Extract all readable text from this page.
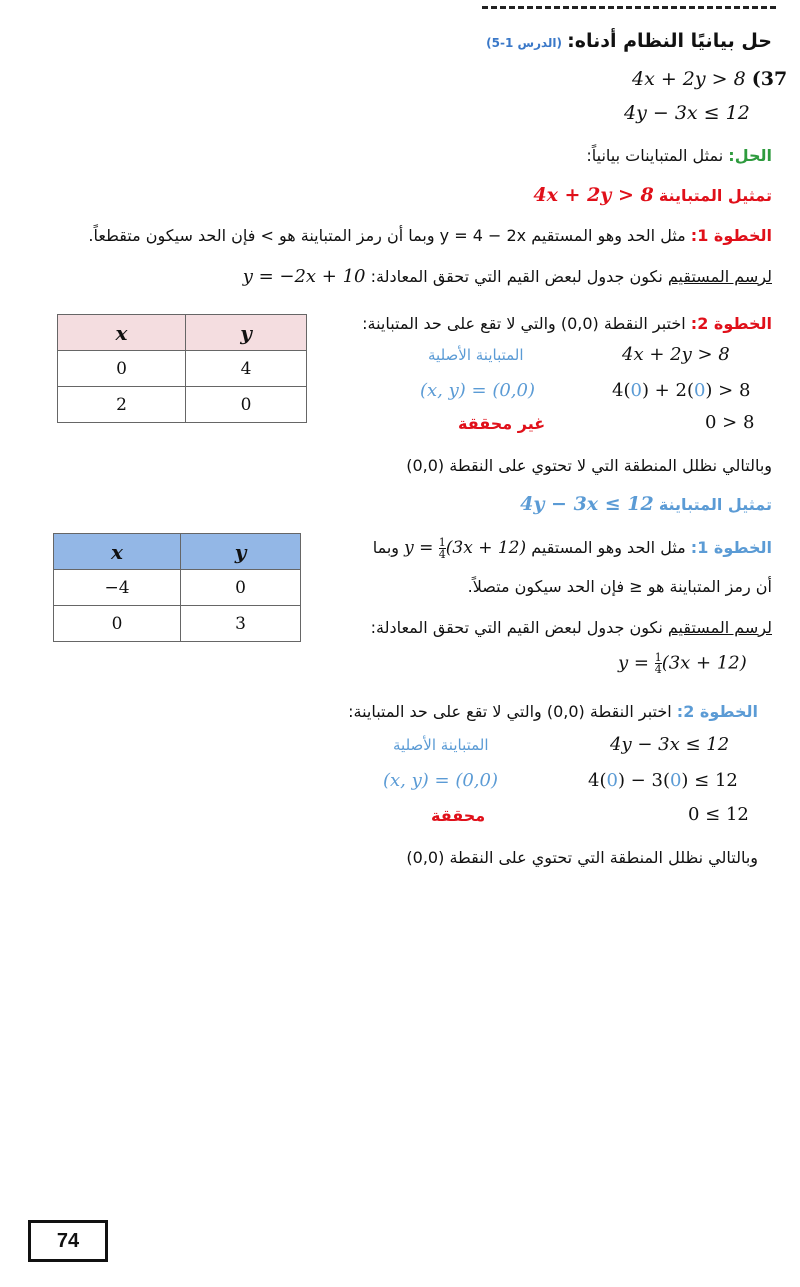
حل بيانيًا النظام أدناه: (الدرس 1-5)
4x + 2y > 8 (37
4y − 3x ≤ 12
الحل: نمثل المتباينات بيانياً:
تمثيل المتباينة 4x + 2y > 8
الخطوة 1: مثل الحد وهو المستقيم y = 4 − 2x وبما أن رمز المتباينة هو > فإن الحد سيكون متقطعاً.
لرسم المستقيم نكون جدول لبعض القيم التي تحقق المعادلة: y = −2x + 10
x	y
0	4
2	0
الخطوة 2: اختبر النقطة (0,0) والتي لا تقع على حد المتباينة:
4x + 2y > 8
المتباينة الأصلية
4(0) + 2(0) > 8
(x, y) = (0,0)
0 > 8
غير محققة
وبالتالي نظلل المنطقة التي لا تحتوي على النقطة (0,0)
تمثيل المتباينة 4y − 3x ≤ 12
x	y
−4	0
0	3
الخطوة 1: مثل الحد وهو المستقيم $y = \frac{1}{4} (3x + 12)$ وبما
أن رمز المتباينة هو ≤ فإن الحد سيكون متصلاً.
لرسم المستقيم نكون جدول لبعض القيم التي تحقق المعادلة:
$y = \frac{1}{4} (3x + 12)$
الخطوة 2: اختبر النقطة (0,0) والتي لا تقع على حد المتباينة:
4y − 3x ≤ 12
المتباينة الأصلية
4(0) − 3(0) ≤ 12
(x, y) = (0,0)
0 ≤ 12
محققة
وبالتالي نظلل المنطقة التي تحتوي على النقطة (0,0)
74
